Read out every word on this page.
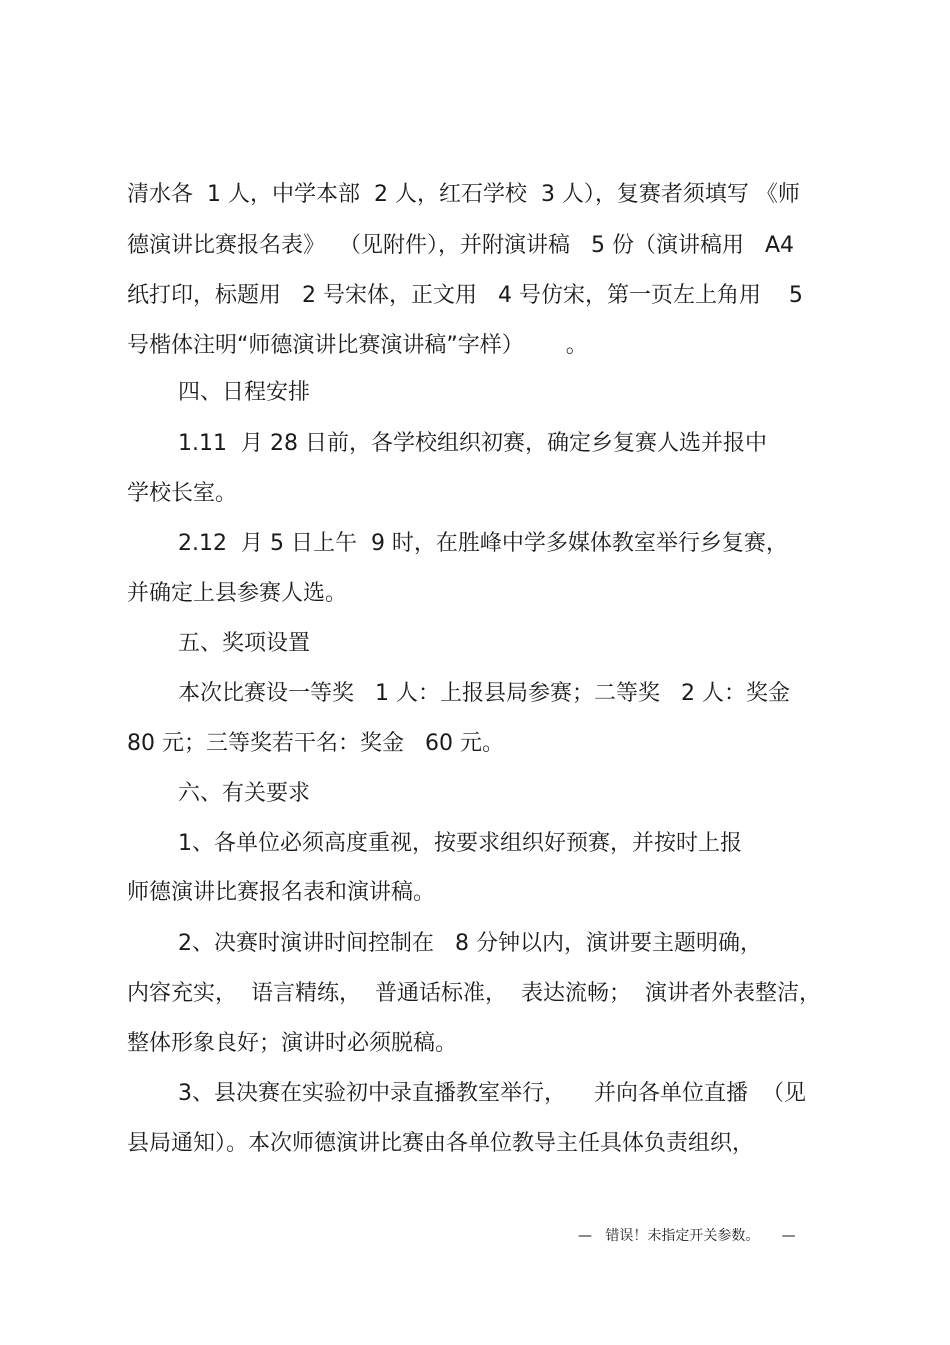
清水各  1 人，中学本部  2 人，红石学校  3 人），复赛者须填写 《师
德演讲比赛报名表》  （见附件），并附演讲稿   5 份（演讲稿用   A4
纸打印，标题用   2 号宋体，正文用   4 号仿宋，第一页左上角用    5
号楷体注明“师德演讲比赛演讲稿”字样）      。
四、日程安排
1.11  月 28 日前，各学校组织初赛，确定乡复赛人选并报中
学校长室。
2.12  月 5 日上午  9 时，在胜峰中学多媒体教室举行乡复赛，
并确定上县参赛人选。
五、奖项设置
本次比赛设一等奖   1 人：上报县局参赛；二等奖   2 人：奖金
80 元；三等奖若干名：奖金   60 元。
六、有关要求
1、各单位必须高度重视，按要求组织好预赛，并按时上报
师德演讲比赛报名表和演讲稿。
2、决赛时演讲时间控制在   8 分钟以内，演讲要主题明确，
内容充实，  语言精练，  普通话标准，  表达流畅；  演讲者外表整洁，
整体形象良好；演讲时必须脱稿。
3、县决赛在实验初中录直播教室举行，    并向各单位直播  （见
县局通知）。本次师德演讲比赛由各单位教导主任具体负责组织，
—   错误！未指定开关参数。     —
